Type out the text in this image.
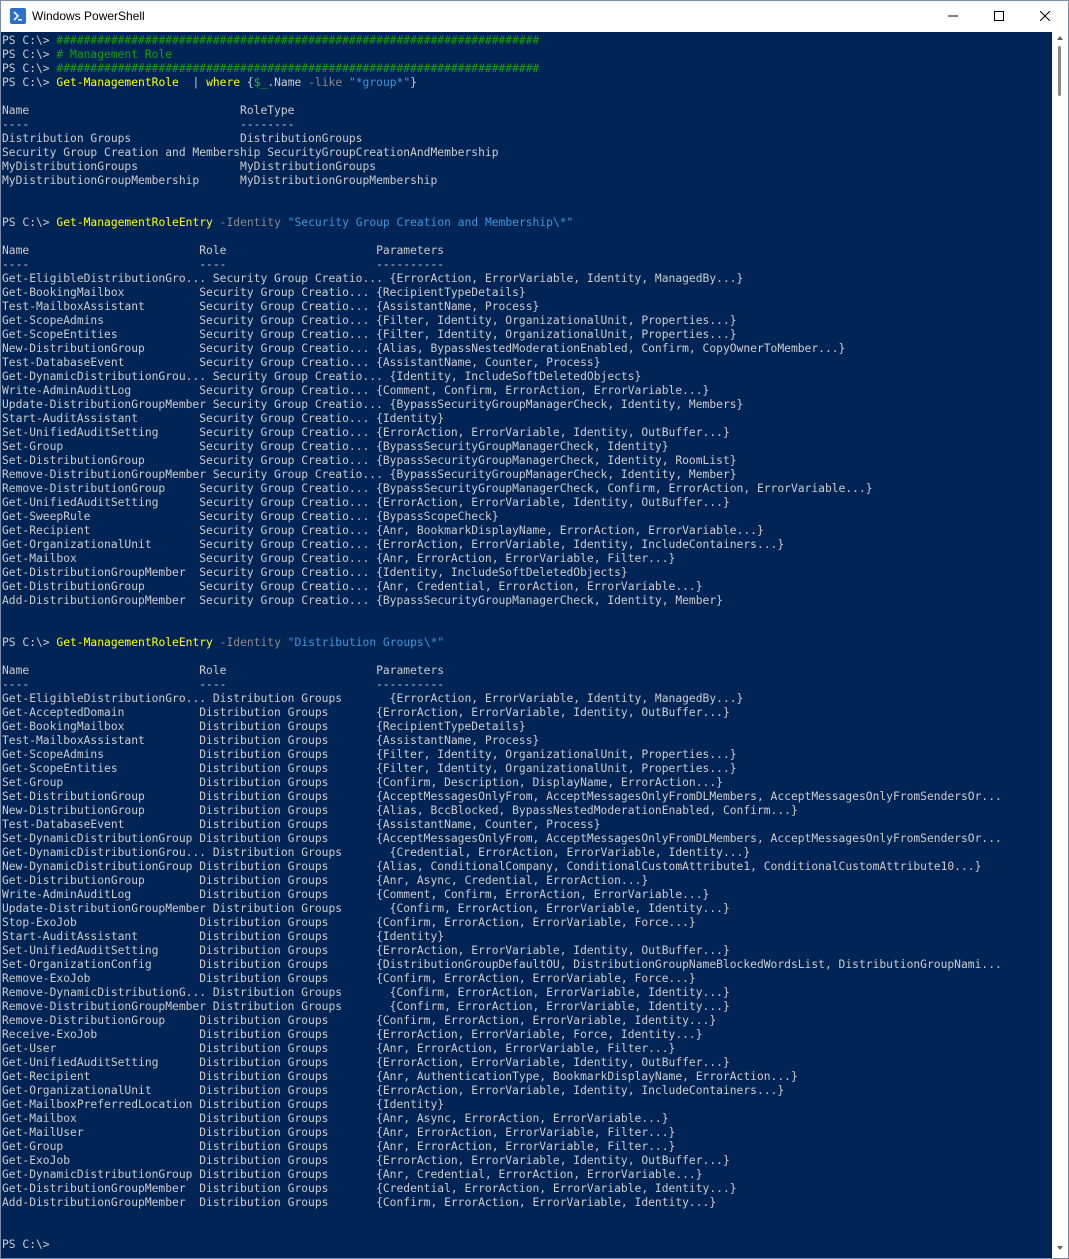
Windows PowerShell
PS C:\> #######################################################################
PS C:\> # Management Role
PS C:\> #######################################################################
PS C:\> Get-ManagementRole  | where {$_.Name -like "*group*"}
Name                               RoleType
----                               --------
Distribution Groups                DistributionGroups
Security Group Creation and Membership SecurityGroupCreationAndMembership
MyDistributionGroups               MyDistributionGroups
MyDistributionGroupMembership      MyDistributionGroupMembership
PS C:\> Get-ManagementRoleEntry -Identity "Security Group Creation and Membership\*"
Name                         Role                      Parameters
----                         ----                      ----------
Get-EligibleDistributionGro... Security Group Creatio... {ErrorAction, ErrorVariable, Identity, ManagedBy...}
Get-BookingMailbox           Security Group Creatio... {RecipientTypeDetails}
Test-MailboxAssistant        Security Group Creatio... {AssistantName, Process}
Get-ScopeAdmins              Security Group Creatio... {Filter, Identity, OrganizationalUnit, Properties...}
Get-ScopeEntities            Security Group Creatio... {Filter, Identity, OrganizationalUnit, Properties...}
New-DistributionGroup        Security Group Creatio... {Alias, BypassNestedModerationEnabled, Confirm, CopyOwnerToMember...}
Test-DatabaseEvent           Security Group Creatio... {AssistantName, Counter, Process}
Get-DynamicDistributionGrou... Security Group Creatio... {Identity, IncludeSoftDeletedObjects}
Write-AdminAuditLog          Security Group Creatio... {Comment, Confirm, ErrorAction, ErrorVariable...}
Update-DistributionGroupMember Security Group Creatio... {BypassSecurityGroupManagerCheck, Identity, Members}
Start-AuditAssistant         Security Group Creatio... {Identity}
Set-UnifiedAuditSetting      Security Group Creatio... {ErrorAction, ErrorVariable, Identity, OutBuffer...}
Set-Group                    Security Group Creatio... {BypassSecurityGroupManagerCheck, Identity}
Set-DistributionGroup        Security Group Creatio... {BypassSecurityGroupManagerCheck, Identity, RoomList}
Remove-DistributionGroupMember Security Group Creatio... {BypassSecurityGroupManagerCheck, Identity, Member}
Remove-DistributionGroup     Security Group Creatio... {BypassSecurityGroupManagerCheck, Confirm, ErrorAction, ErrorVariable...}
Get-UnifiedAuditSetting      Security Group Creatio... {ErrorAction, ErrorVariable, Identity, OutBuffer...}
Get-SweepRule                Security Group Creatio... {BypassScopeCheck}
Get-Recipient                Security Group Creatio... {Anr, BookmarkDisplayName, ErrorAction, ErrorVariable...}
Get-OrganizationalUnit       Security Group Creatio... {ErrorAction, ErrorVariable, Identity, IncludeContainers...}
Get-Mailbox                  Security Group Creatio... {Anr, ErrorAction, ErrorVariable, Filter...}
Get-DistributionGroupMember  Security Group Creatio... {Identity, IncludeSoftDeletedObjects}
Get-DistributionGroup        Security Group Creatio... {Anr, Credential, ErrorAction, ErrorVariable...}
Add-DistributionGroupMember  Security Group Creatio... {BypassSecurityGroupManagerCheck, Identity, Member}
PS C:\> Get-ManagementRoleEntry -Identity "Distribution Groups\*"
Name                         Role                      Parameters
----                         ----                      ----------
Get-EligibleDistributionGro... Distribution Groups       {ErrorAction, ErrorVariable, Identity, ManagedBy...}
Get-AcceptedDomain           Distribution Groups       {ErrorAction, ErrorVariable, Identity, OutBuffer...}
Get-BookingMailbox           Distribution Groups       {RecipientTypeDetails}
Test-MailboxAssistant        Distribution Groups       {AssistantName, Process}
Get-ScopeAdmins              Distribution Groups       {Filter, Identity, OrganizationalUnit, Properties...}
Get-ScopeEntities            Distribution Groups       {Filter, Identity, OrganizationalUnit, Properties...}
Set-Group                    Distribution Groups       {Confirm, Description, DisplayName, ErrorAction...}
Set-DistributionGroup        Distribution Groups       {AcceptMessagesOnlyFrom, AcceptMessagesOnlyFromDLMembers, AcceptMessagesOnlyFromSendersOr...
New-DistributionGroup        Distribution Groups       {Alias, BccBlocked, BypassNestedModerationEnabled, Confirm...}
Test-DatabaseEvent           Distribution Groups       {AssistantName, Counter, Process}
Set-DynamicDistributionGroup Distribution Groups       {AcceptMessagesOnlyFrom, AcceptMessagesOnlyFromDLMembers, AcceptMessagesOnlyFromSendersOr...
Get-DynamicDistributionGrou... Distribution Groups       {Credential, ErrorAction, ErrorVariable, Identity...}
New-DynamicDistributionGroup Distribution Groups       {Alias, ConditionalCompany, ConditionalCustomAttribute1, ConditionalCustomAttribute10...}
Get-DistributionGroup        Distribution Groups       {Anr, Async, Credential, ErrorAction...}
Write-AdminAuditLog          Distribution Groups       {Comment, Confirm, ErrorAction, ErrorVariable...}
Update-DistributionGroupMember Distribution Groups       {Confirm, ErrorAction, ErrorVariable, Identity...}
Stop-ExoJob                  Distribution Groups       {Confirm, ErrorAction, ErrorVariable, Force...}
Start-AuditAssistant         Distribution Groups       {Identity}
Set-UnifiedAuditSetting      Distribution Groups       {ErrorAction, ErrorVariable, Identity, OutBuffer...}
Set-OrganizationConfig       Distribution Groups       {DistributionGroupDefaultOU, DistributionGroupNameBlockedWordsList, DistributionGroupNami...
Remove-ExoJob                Distribution Groups       {Confirm, ErrorAction, ErrorVariable, Force...}
Remove-DynamicDistributionG... Distribution Groups       {Confirm, ErrorAction, ErrorVariable, Identity...}
Remove-DistributionGroupMember Distribution Groups       {Confirm, ErrorAction, ErrorVariable, Identity...}
Remove-DistributionGroup     Distribution Groups       {Confirm, ErrorAction, ErrorVariable, Identity...}
Receive-ExoJob               Distribution Groups       {ErrorAction, ErrorVariable, Force, Identity...}
Get-User                     Distribution Groups       {Anr, ErrorAction, ErrorVariable, Filter...}
Get-UnifiedAuditSetting      Distribution Groups       {ErrorAction, ErrorVariable, Identity, OutBuffer...}
Get-Recipient                Distribution Groups       {Anr, AuthenticationType, BookmarkDisplayName, ErrorAction...}
Get-OrganizationalUnit       Distribution Groups       {ErrorAction, ErrorVariable, Identity, IncludeContainers...}
Get-MailboxPreferredLocation Distribution Groups       {Identity}
Get-Mailbox                  Distribution Groups       {Anr, Async, ErrorAction, ErrorVariable...}
Get-MailUser                 Distribution Groups       {Anr, ErrorAction, ErrorVariable, Filter...}
Get-Group                    Distribution Groups       {Anr, ErrorAction, ErrorVariable, Filter...}
Get-ExoJob                   Distribution Groups       {ErrorAction, ErrorVariable, Identity, OutBuffer...}
Get-DynamicDistributionGroup Distribution Groups       {Anr, Credential, ErrorAction, ErrorVariable...}
Get-DistributionGroupMember  Distribution Groups       {Credential, ErrorAction, ErrorVariable, Identity...}
Add-DistributionGroupMember  Distribution Groups       {Confirm, ErrorAction, ErrorVariable, Identity...}
PS C:\>
